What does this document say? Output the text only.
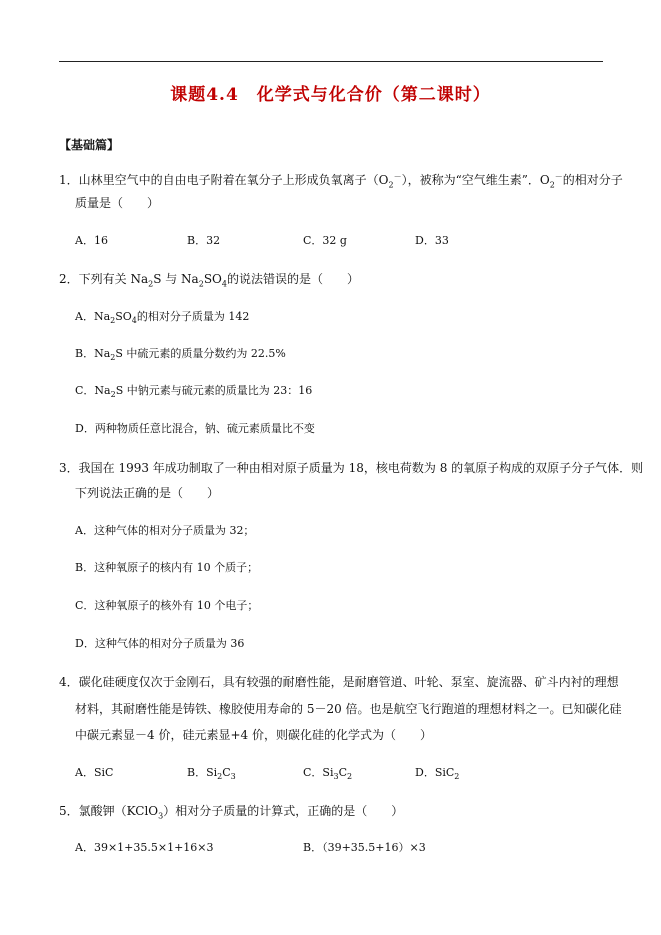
课题4.4　化学式与化合价（第二课时）
【基础篇】
1．山林里空气中的自由电子附着在氧分子上形成负氧离子$(O_2^-)$，被称为“空气维生素”．$O_2^-$的相对分子
质量是（　　）
A．16	B．32	C．32 g	D．33
2．下列有关 $Na_2S$ 与 $Na_2SO_4$的说法错误的是（　　）
A．$Na_2SO_4$的相对分子质量为 142
B．$Na_2S$ 中硫元素的质量分数约为 22.5%
C．$Na_2S$ 中钠元素与硫元素的质量比为 23：16
D．两种物质任意比混合，钠、硫元素质量比不变
3．我国在 1993 年成功制取了一种由相对原子质量为 18，核电荷数为 8 的氧原子构成的双原子分子气体．则
下列说法正确的是（　　）
A．这种气体的相对分子质量为 32；
B．这种氧原子的核内有 10 个质子；
C．这种氧原子的核外有 10 个电子；
D．这种气体的相对分子质量为 36
4．碳化硅硬度仅次于金刚石，具有较强的耐磨性能，是耐磨管道、叶轮、泵室、旋流器、矿斗内衬的理想
材料，其耐磨性能是铸铁、橡胶使用寿命的 5－20 倍。也是航空飞行跑道的理想材料之一。已知碳化硅
中碳元素显－4 价，硅元素显+4 价，则碳化硅的化学式为（　　）
A．SiC	B．$Si_2C_3$	C．$Si_3C_2$	D．SiC$_2$
5．氯酸钾（KClO$_3$）相对分子质量的计算式，正确的是（　　）
A．39×1+35.5×1+16×3	B．（39+35.5+16）×3
